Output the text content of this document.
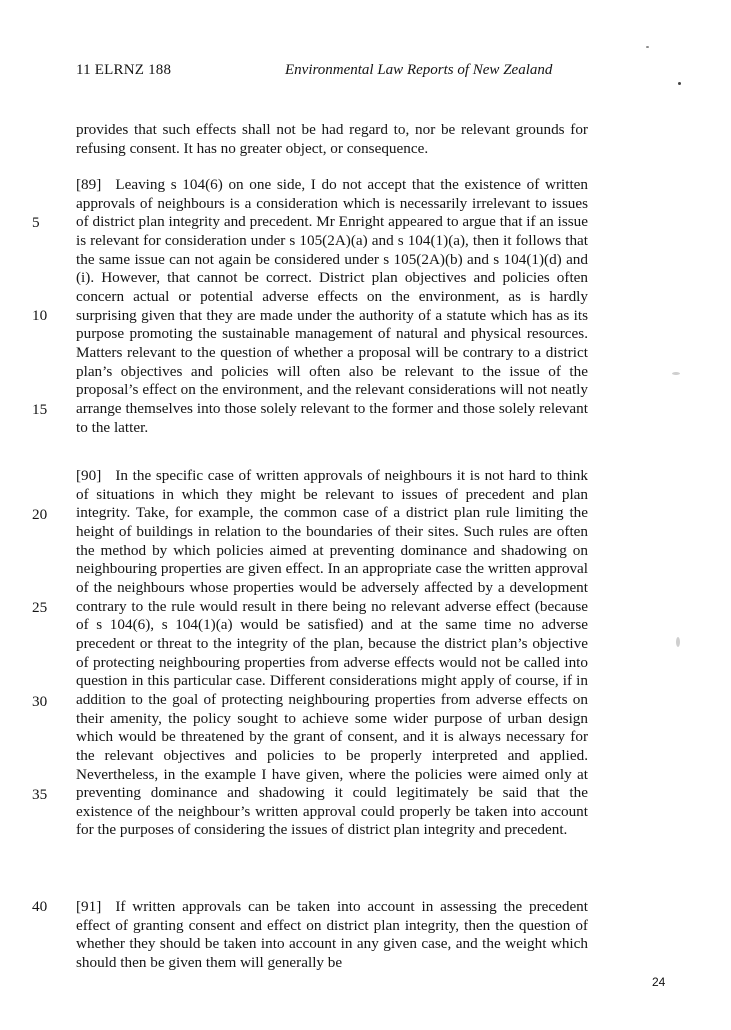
11 ELRNZ 188	Environmental Law Reports of New Zealand
provides that such effects shall not be had regard to, nor be relevant grounds for refusing consent. It has no greater object, or consequence.
[89] Leaving s 104(6) on one side, I do not accept that the existence of written approvals of neighbours is a consideration which is necessarily irrelevant to issues of district plan integrity and precedent. Mr Enright appeared to argue that if an issue is relevant for consideration under s 105(2A)(a) and s 104(1)(a), then it follows that the same issue can not again be considered under s 105(2A)(b) and s 104(1)(d) and (i). However, that cannot be correct. District plan objectives and policies often concern actual or potential adverse effects on the environment, as is hardly surprising given that they are made under the authority of a statute which has as its purpose promoting the sustainable management of natural and physical resources. Matters relevant to the question of whether a proposal will be contrary to a district plan’s objectives and policies will often also be relevant to the issue of the proposal’s effect on the environment, and the relevant considerations will not neatly arrange themselves into those solely relevant to the former and those solely relevant to the latter.
[90] In the specific case of written approvals of neighbours it is not hard to think of situations in which they might be relevant to issues of precedent and plan integrity. Take, for example, the common case of a district plan rule limiting the height of buildings in relation to the boundaries of their sites. Such rules are often the method by which policies aimed at preventing dominance and shadowing on neighbouring properties are given effect. In an appropriate case the written approval of the neighbours whose properties would be adversely affected by a development contrary to the rule would result in there being no relevant adverse effect (because of s 104(6), s 104(1)(a) would be satisfied) and at the same time no adverse precedent or threat to the integrity of the plan, because the district plan’s objective of protecting neighbouring properties from adverse effects would not be called into question in this particular case. Different considerations might apply of course, if in addition to the goal of protecting neighbouring properties from adverse effects on their amenity, the policy sought to achieve some wider purpose of urban design which would be threatened by the grant of consent, and it is always necessary for the relevant objectives and policies to be properly interpreted and applied. Nevertheless, in the example I have given, where the policies were aimed only at preventing dominance and shadowing it could legitimately be said that the existence of the neighbour’s written approval could properly be taken into account for the purposes of considering the issues of district plan integrity and precedent.
[91] If written approvals can be taken into account in assessing the precedent effect of granting consent and effect on district plan integrity, then the question of whether they should be taken into account in any given case, and the weight which should then be given them will generally be
5
10
15
20
25
30
35
40
24
